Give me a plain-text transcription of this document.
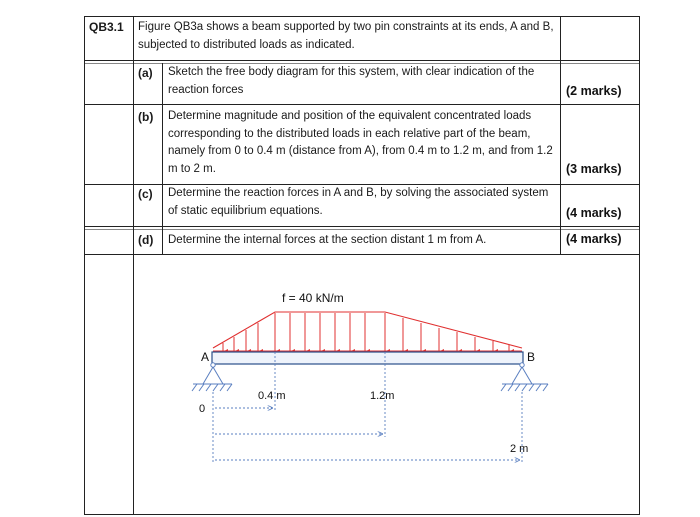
QB3.1 Figure QB3a shows a beam supported by two pin constraints at its ends, A and B, subjected to distributed loads as indicated.
(a) Sketch the free body diagram for this system, with clear indication of the reaction forces	(2 marks)
(b) Determine magnitude and position of the equivalent concentrated loads corresponding to the distributed loads in each relative part of the beam, namely from 0 to 0.4 m (distance from A), from 0.4 m to 1.2 m, and from 1.2 m to 2 m.	(3 marks)
(c) Determine the reaction forces in A and B, by solving the associated system of static equilibrium equations.	(4 marks)
(d) Determine the internal forces at the section distant 1 m from A.	(4 marks)
f = 40 kN/m
A	B
0
0.4 m	1.2m
2 m
